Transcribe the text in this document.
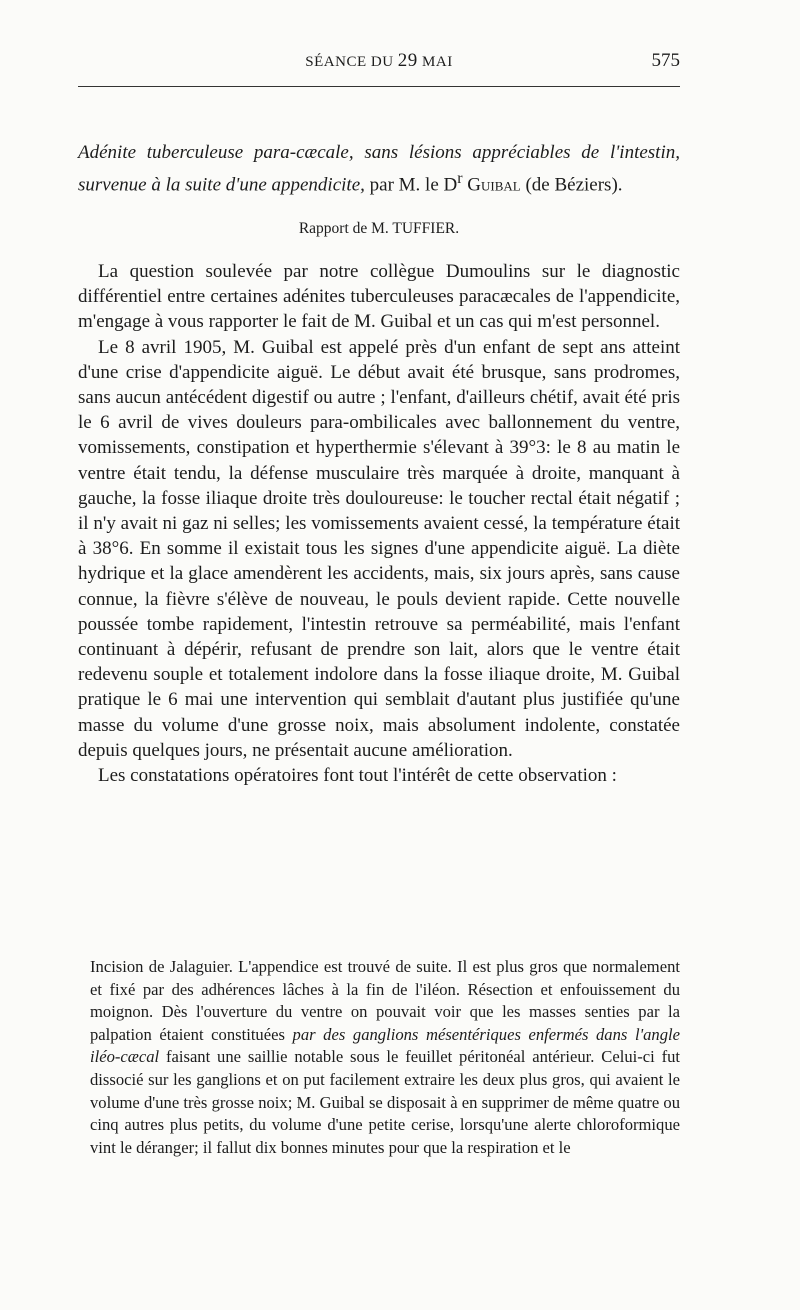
SÉANCE DU 29 MAI	575
Adénite tuberculeuse para-cæcale, sans lésions appréciables de l'intestin, survenue à la suite d'une appendicite, par M. le $D^r$ Guibal (de Béziers).
Rapport de M. TUFFIER.

La question soulevée par notre collègue Dumoulins sur le diagnostic différentiel entre certaines adénites tuberculeuses paracæcales de l'appendicite, m'engage à vous rapporter le fait de M. Guibal et un cas qui m'est personnel.

Le 8 avril 1905, M. Guibal est appelé près d'un enfant de sept ans atteint d'une crise d'appendicite aiguë. Le début avait été brusque, sans prodromes, sans aucun antécédent digestif ou autre ; l'enfant, d'ailleurs chétif, avait été pris le 6 avril de vives douleurs para-ombilicales avec ballonnement du ventre, vomissements, constipation et hyperthermie s'élevant à 39°3: le 8 au matin le ventre était tendu, la défense musculaire très marquée à droite, manquant à gauche, la fosse iliaque droite très douloureuse: le toucher rectal était négatif ; il n'y avait ni gaz ni selles; les vomissements avaient cessé, la température était à 38°6. En somme il existait tous les signes d'une appendicite aiguë. La diète hydrique et la glace amendèrent les accidents, mais, six jours après, sans cause connue, la fièvre s'élève de nouveau, le pouls devient rapide. Cette nouvelle poussée tombe rapidement, l'intestin retrouve sa perméabilité, mais l'enfant continuant à dépérir, refusant de prendre son lait, alors que le ventre était redevenu souple et totalement indolore dans la fosse iliaque droite, M. Guibal pratique le 6 mai une intervention qui semblait d'autant plus justifiée qu'une masse du volume d'une grosse noix, mais absolument indolente, constatée depuis quelques jours, ne présentait aucune amélioration.

Les constatations opératoires font tout l'intérêt de cette observation :

Incision de Jalaguier. L'appendice est trouvé de suite. Il est plus gros que normalement et fixé par des adhérences lâches à la fin de l'iléon. Résection et enfouissement du moignon. Dès l'ouverture du ventre on pouvait voir que les masses senties par la palpation étaient constituées par des ganglions mésentériques enfermés dans l'angle iléo-cæcal faisant une saillie notable sous le feuillet péritonéal antérieur. Celui-ci fut dissocié sur les ganglions et on put facilement extraire les deux plus gros, qui avaient le volume d'une très grosse noix; M. Guibal se disposait à en supprimer de même quatre ou cinq autres plus petits, du volume d'une petite cerise, lorsqu'une alerte chloroformique vint le déranger; il fallut dix bonnes minutes pour que la respiration et le
